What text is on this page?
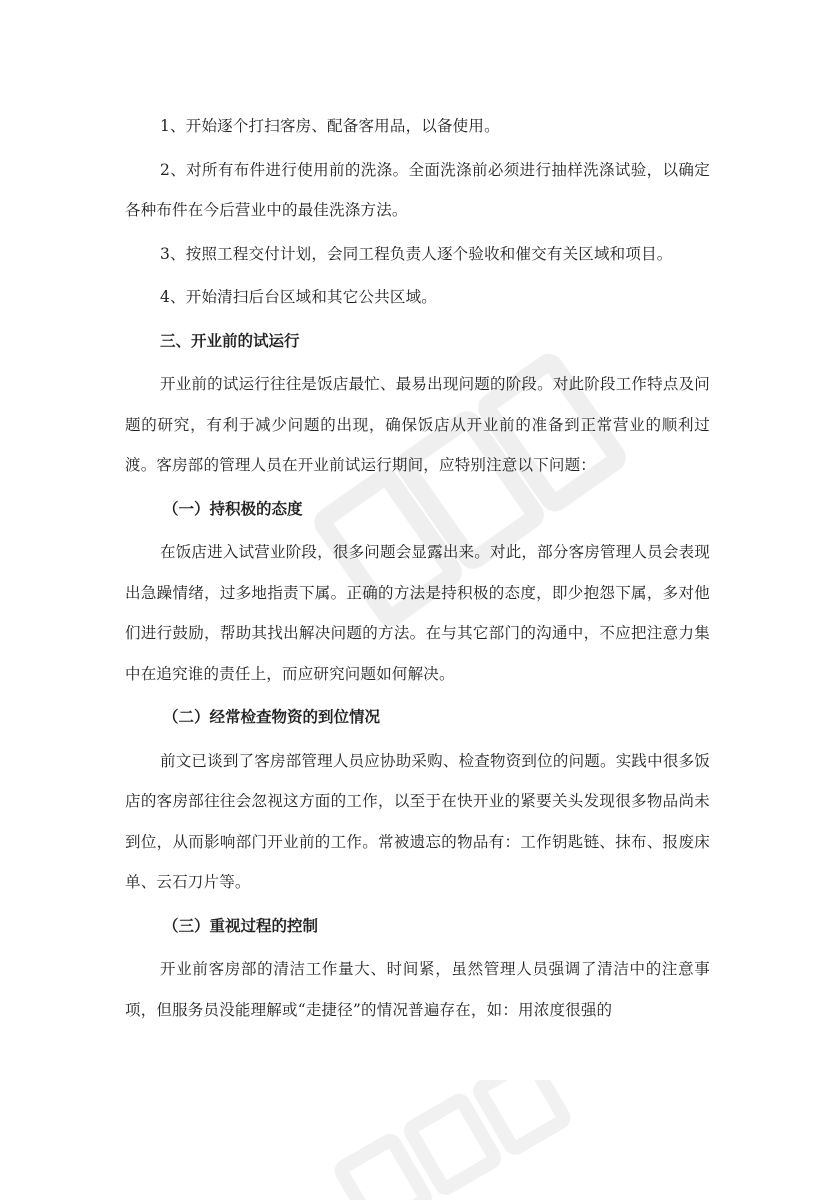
1、开始逐个打扫客房、配备客用品，以备使用。

2、对所有布件进行使用前的洗涤。全面洗涤前必须进行抽样洗涤试验，以确定各种布件在今后营业中的最佳洗涤方法。

3、按照工程交付计划，会同工程负责人逐个验收和催交有关区域和项目。

4、开始清扫后台区域和其它公共区域。

三、开业前的试运行

开业前的试运行往往是饭店最忙、最易出现问题的阶段。对此阶段工作特点及问题的研究，有利于减少问题的出现，确保饭店从开业前的准备到正常营业的顺利过渡。客房部的管理人员在开业前试运行期间，应特别注意以下问题：

（一）持积极的态度

在饭店进入试营业阶段，很多问题会显露出来。对此，部分客房管理人员会表现出急躁情绪，过多地指责下属。正确的方法是持积极的态度，即少抱怨下属，多对他们进行鼓励，帮助其找出解决问题的方法。在与其它部门的沟通中，不应把注意力集中在追究谁的责任上，而应研究问题如何解决。

（二）经常检查物资的到位情况

前文已谈到了客房部管理人员应协助采购、检查物资到位的问题。实践中很多饭店的客房部往往会忽视这方面的工作，以至于在快开业的紧要关头发现很多物品尚未到位，从而影响部门开业前的工作。常被遗忘的物品有：工作钥匙链、抹布、报废床单、云石刀片等。

（三）重视过程的控制

开业前客房部的清洁工作量大、时间紧，虽然管理人员强调了清洁中的注意事项，但服务员没能理解或“走捷径”的情况普遍存在，如：用浓度很强的
